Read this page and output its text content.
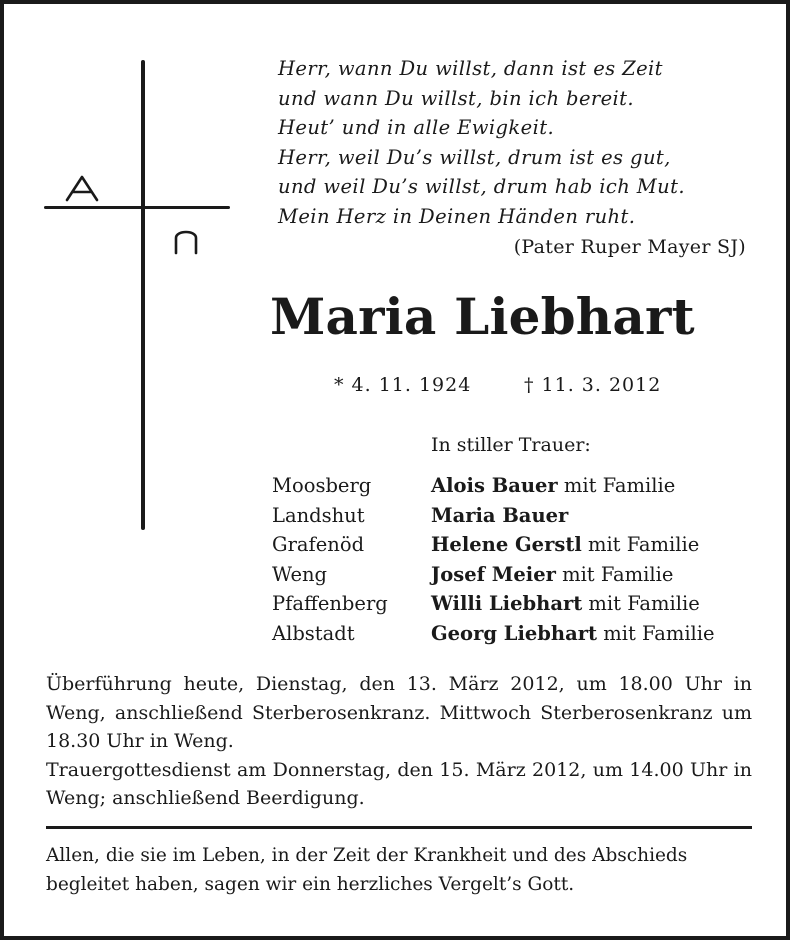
Herr, wann Du willst, dann ist es Zeit
und wann Du willst, bin ich bereit.
Heut’ und in alle Ewigkeit.
Herr, weil Du’s willst, drum ist es gut,
und weil Du’s willst, drum hab ich Mut.
Mein Herz in Deinen Händen ruht.
(Pater Ruper Mayer SJ)
Maria Liebhart
* 4. 11. 1924	† 11. 3. 2012
In stiller Trauer:
Moosberg	Alois Bauer mit Familie
Landshut	Maria Bauer
Grafenöd	Helene Gerstl mit Familie
Weng	Josef Meier mit Familie
Pfaffenberg	Willi Liebhart mit Familie
Albstadt	Georg Liebhart mit Familie

Überführung heute, Dienstag, den 13. März 2012, um 18.00 Uhr in Weng, anschließend Sterberosenkranz. Mittwoch Sterberosenkranz um 18.30 Uhr in Weng.

Trauergottesdienst am Donnerstag, den 15. März 2012, um 14.00 Uhr in Weng; anschließend Beerdigung.

Allen, die sie im Leben, in der Zeit der Krankheit und des Abschieds begleitet haben, sagen wir ein herzliches Vergelt’s Gott.
